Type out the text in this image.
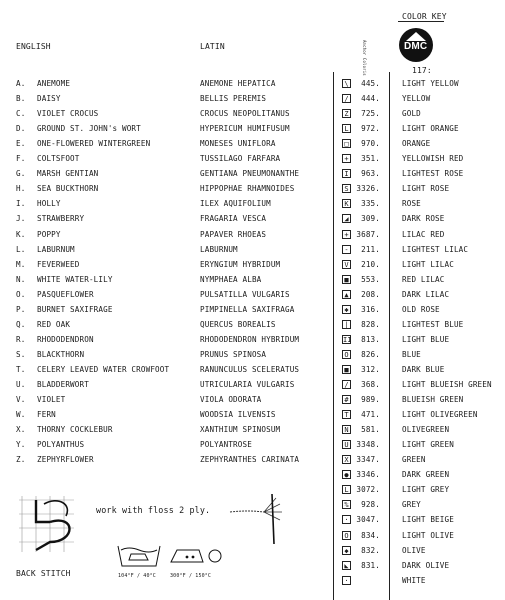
ENGLISH	LATIN
COLOR KEY
DMC
117:
Anchor Coloris
A. ANEMOME	ANEMONE HEPATICA	\	445.	LIGHT YELLOW
B. DAISY	BELLIS PEREMIS	/	444.	YELLOW
C. VIOLET CROCUS	CROCUS NEOPOLITANUS	Z	725.	GOLD
D. GROUND ST. JOHN's WORT	HYPERICUM HUMIFUSUM	L	972.	LIGHT ORANGE
E. ONE-FLOWERED WINTERGREEN	MONESES UNIFLORA	□	970.	ORANGE
F. COLTSFOOT	TUSSILAGO FARFARA	+	351.	YELLOWISH RED
G. MARSH GENTIAN	GENTIANA PNEUMONANTHE	I	963.	LIGHTEST ROSE
H. SEA BUCKTHORN	HIPPOPHAE RHAMNOIDES	S	3326.	LIGHT ROSE
I. HOLLY	ILEX AQUIFOLIUM	K	335.	ROSE
J. STRAWBERRY	FRAGARIA VESCA	◢	309.	DARK ROSE
K. POPPY	PAPAVER RHOEAS	+	3687.	LILAC RED
L. LABURNUM	LABURNUM	-	211.	LIGHTEST LILAC
M. FEVERWEED	ERYNGIUM HYBRIDUM	V	210.	LIGHT LILAC
N. WHITE WATER-LILY	NYMPHAEA ALBA	■	553.	RED LILAC
O. PASQUEFLOWER	PULSATILLA VULGARIS	▲	208.	DARK LILAC
P. BURNET SAXIFRAGE	PIMPINELLA SAXIFRAGA	✱	316.	OLD ROSE
Q. RED OAK	QUERCUS BOREALIS	|	828.	LIGHTEST BLUE
R. RHODODENDRON	RHODODENDRON HYBRIDUM	II	813.	LIGHT BLUE
S. BLACKTHORN	PRUNUS SPINOSA	O	826.	BLUE
T. CELERY LEAVED WATER CROWFOOT	RANUNCULUS SCELERATUS	■	312.	DARK BLUE
U. BLADDERWORT	UTRICULARIA VULGARIS	/	368.	LIGHT BLUEISH GREEN
V. VIOLET	VIOLA ODORATA	#	989.	BLUEISH GREEN
W. FERN	WOODSIA ILVENSIS	T	471.	LIGHT OLIVEGREEN
X. THORNY COCKLEBUR	XANTHIUM SPINOSUM	N	581.	OLIVEGREEN
Y. POLYANTHUS	POLYANTROSE	U	3348.	LIGHT GREEN
Z. ZEPHYRFLOWER	ZEPHYRANTHES CARINATA	X	3347.	GREEN
●	3346.	DARK GREEN
L	3072.	LIGHT GREY
%	928.	GREY
·	3047.	LIGHT BEIGE
O	834.	LIGHT OLIVE
◆	832.	OLIVE
◣	831.	DARK OLIVE
·	WHITE
BACK STITCH
work with floss 2 ply.
104°F / 40°C	300°F / 150°C
